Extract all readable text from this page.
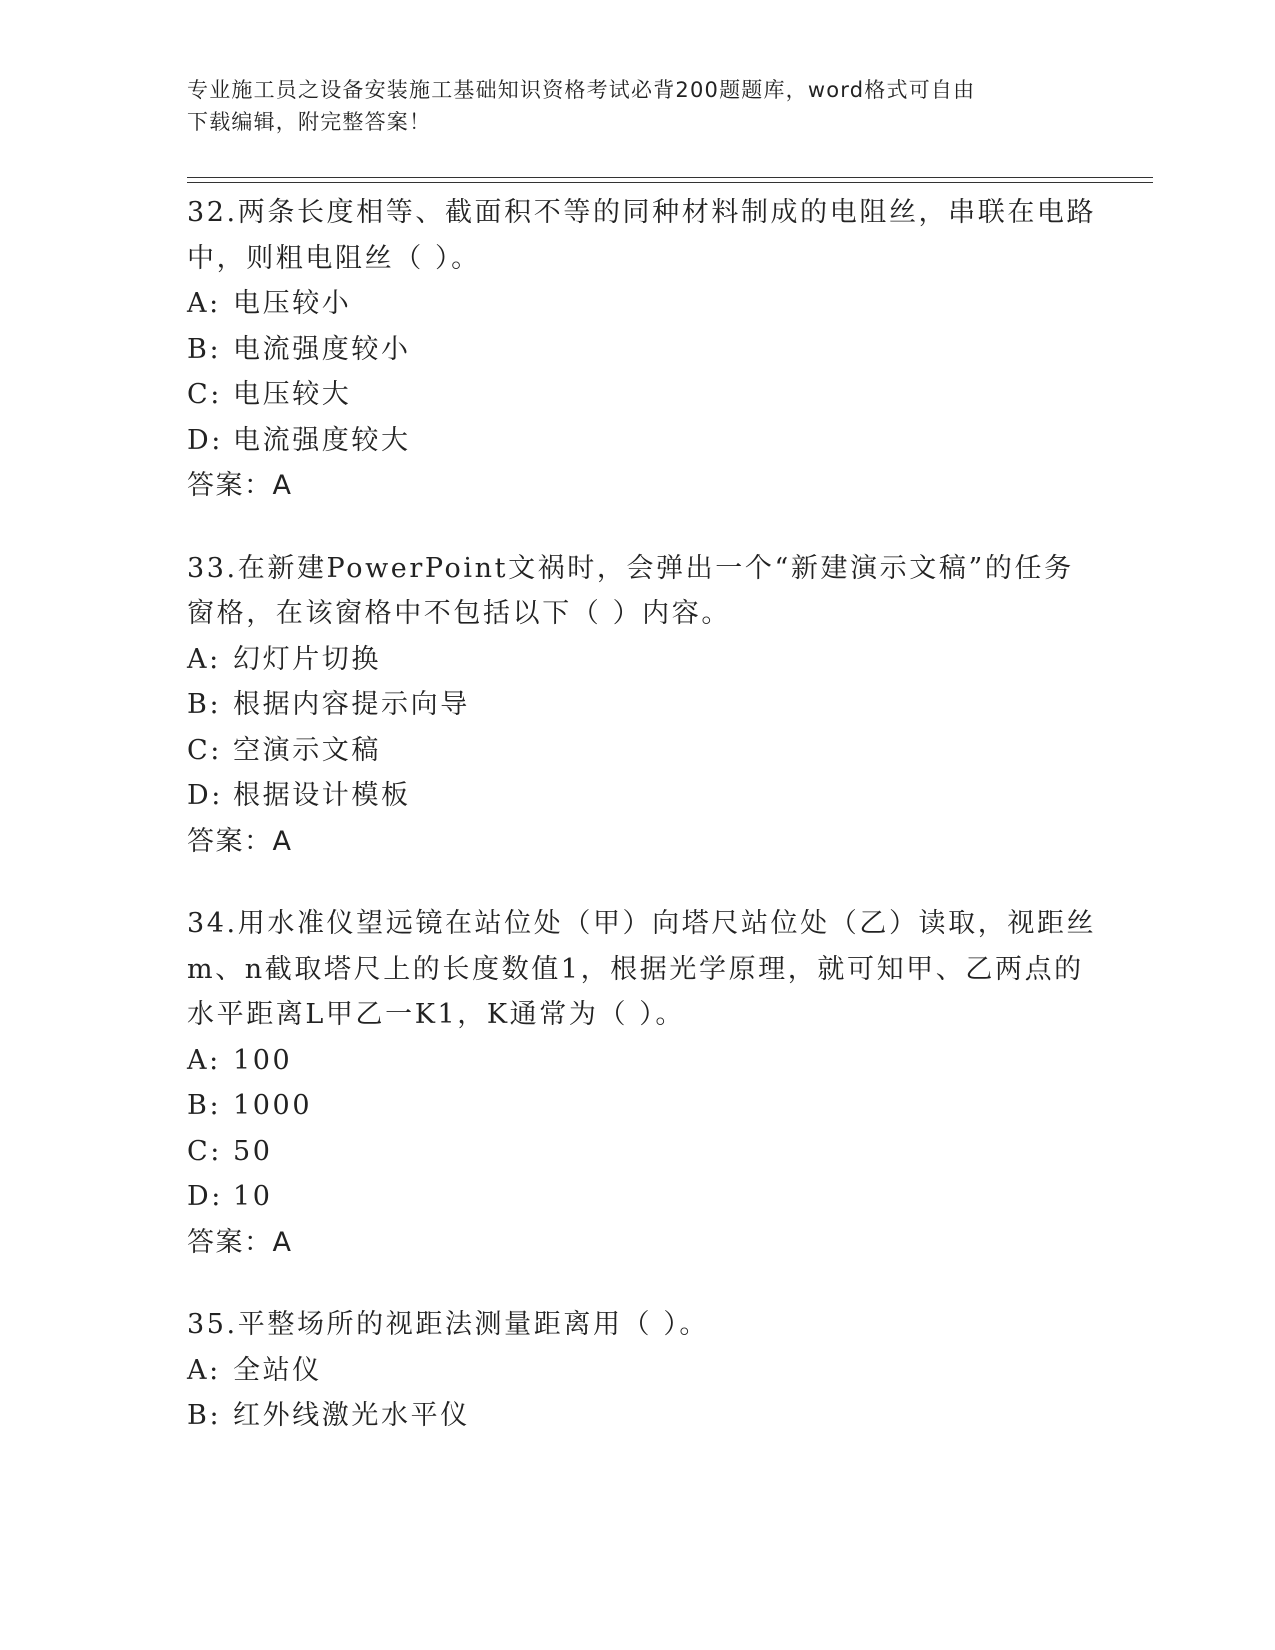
专业施工员之设备安装施工基础知识资格考试必背200题题库，word格式可自由
下载编辑，附完整答案！
32.两条长度相等、截面积不等的同种材料制成的电阻丝，串联在电路
中，则粗电阻丝（ ）。
A: 电压较小
B: 电流强度较小
C: 电压较大
D: 电流强度较大
答案：A
33.在新建PowerPoint文祸时，会弹出一个“新建演示文稿”的任务
窗格，在该窗格中不包括以下（ ）内容。
A: 幻灯片切换
B: 根据内容提示向导
C: 空演示文稿
D: 根据设计模板
答案：A
34.用水准仪望远镜在站位处（甲）向塔尺站位处（乙）读取，视距丝
m、n截取塔尺上的长度数值1，根据光学原理，就可知甲、乙两点的
水平距离L甲乙一K1，K通常为（ ）。
A: 100
B: 1000
C: 50
D: 10
答案：A
35.平整场所的视距法测量距离用（ ）。
A: 全站仪
B: 红外线激光水平仪
